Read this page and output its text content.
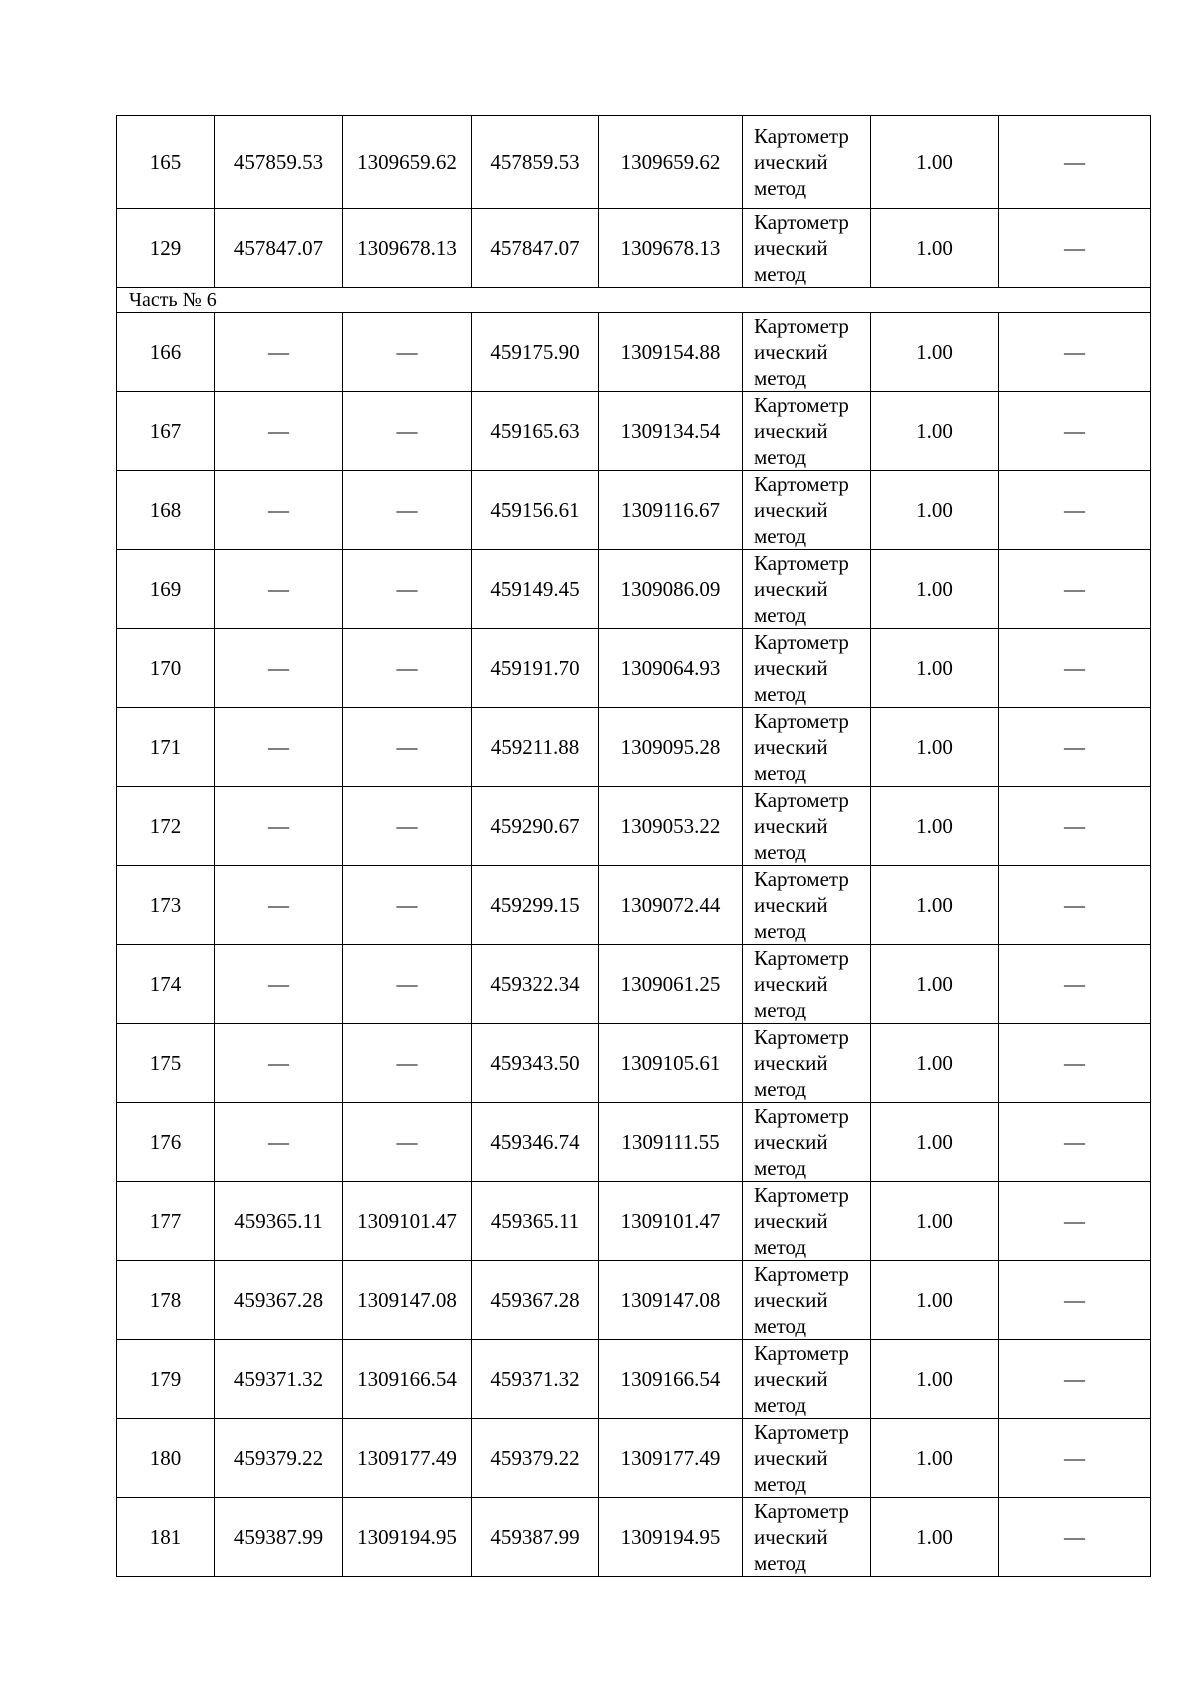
165	457859.53	1309659.62	457859.53	1309659.62	Картометр
ический
метод	1.00	—
129	457847.07	1309678.13	457847.07	1309678.13	Картометр
ический
метод	1.00	—
Часть № 6							
166	—	—	459175.90	1309154.88	Картометр
ический
метод	1.00	—
167	—	—	459165.63	1309134.54	Картометр
ический
метод	1.00	—
168	—	—	459156.61	1309116.67	Картометр
ический
метод	1.00	—
169	—	—	459149.45	1309086.09	Картометр
ический
метод	1.00	—
170	—	—	459191.70	1309064.93	Картометр
ический
метод	1.00	—
171	—	—	459211.88	1309095.28	Картометр
ический
метод	1.00	—
172	—	—	459290.67	1309053.22	Картометр
ический
метод	1.00	—
173	—	—	459299.15	1309072.44	Картометр
ический
метод	1.00	—
174	—	—	459322.34	1309061.25	Картометр
ический
метод	1.00	—
175	—	—	459343.50	1309105.61	Картометр
ический
метод	1.00	—
176	—	—	459346.74	1309111.55	Картометр
ический
метод	1.00	—
177	459365.11	1309101.47	459365.11	1309101.47	Картометр
ический
метод	1.00	—
178	459367.28	1309147.08	459367.28	1309147.08	Картометр
ический
метод	1.00	—
179	459371.32	1309166.54	459371.32	1309166.54	Картометр
ический
метод	1.00	—
180	459379.22	1309177.49	459379.22	1309177.49	Картометр
ический
метод	1.00	—
181	459387.99	1309194.95	459387.99	1309194.95	Картометр
ический
метод	1.00	—
